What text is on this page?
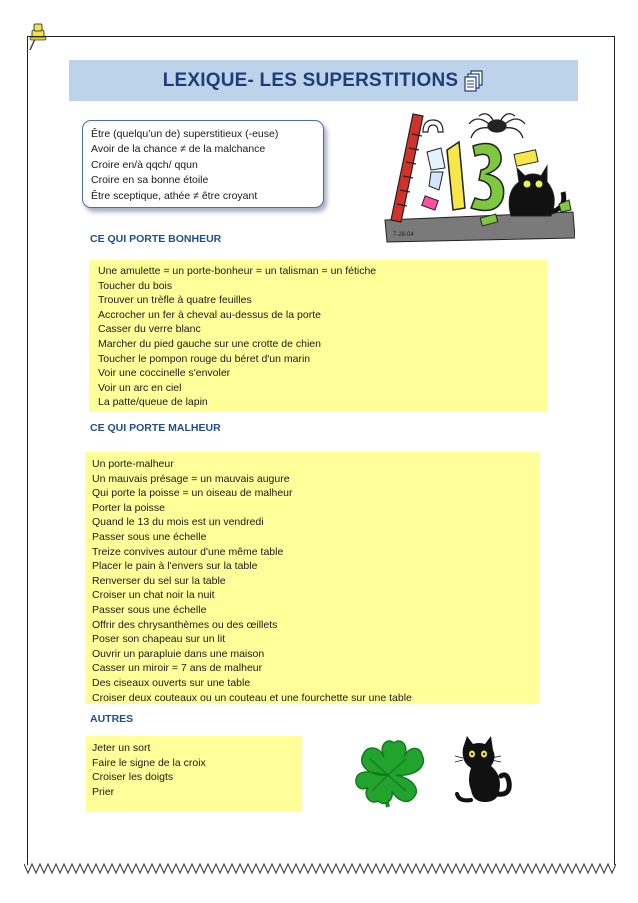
LEXIQUE- LES SUPERSTITIONS
Être (quelqu’un de) superstitieux (-euse)
Avoir de la chance ≠ de la malchance
Croire en/à qqch/ qqun
Croire en sa bonne étoile
Être sceptique, athée ≠ être croyant
7-26-04
CE QUI PORTE BONHEUR
Une amulette = un porte-bonheur = un talisman = un fétiche
Toucher du bois
Trouver un trèfle à quatre feuilles
Accrocher un fer à cheval au-dessus de la porte
Casser du verre blanc
Marcher du pied gauche sur une crotte de chien
Toucher le pompon rouge du béret d'un marin
Voir une coccinelle s'envoler
Voir un arc en ciel
La patte/queue de lapin
CE QUI PORTE MALHEUR
Un porte-malheur
Un mauvais présage = un mauvais augure
Qui porte la poisse = un oiseau de malheur
Porter la poisse
Quand le 13 du mois est un vendredi
Passer sous une échelle
Treize convives autour d'une même table
Placer le pain à l'envers sur la table
Renverser du sel sur la table
Croiser un chat noir la nuit
Passer sous une échelle
Offrir des chrysanthèmes ou des œillets
Poser son chapeau sur un lit
Ouvrir un parapluie dans une maison
Casser un miroir = 7 ans de malheur
Des ciseaux ouverts sur une table
Croiser deux couteaux ou un couteau et une fourchette sur une table
AUTRES
Jeter un sort
Faire le signe de la croix
Croiser les doigts
Prier
